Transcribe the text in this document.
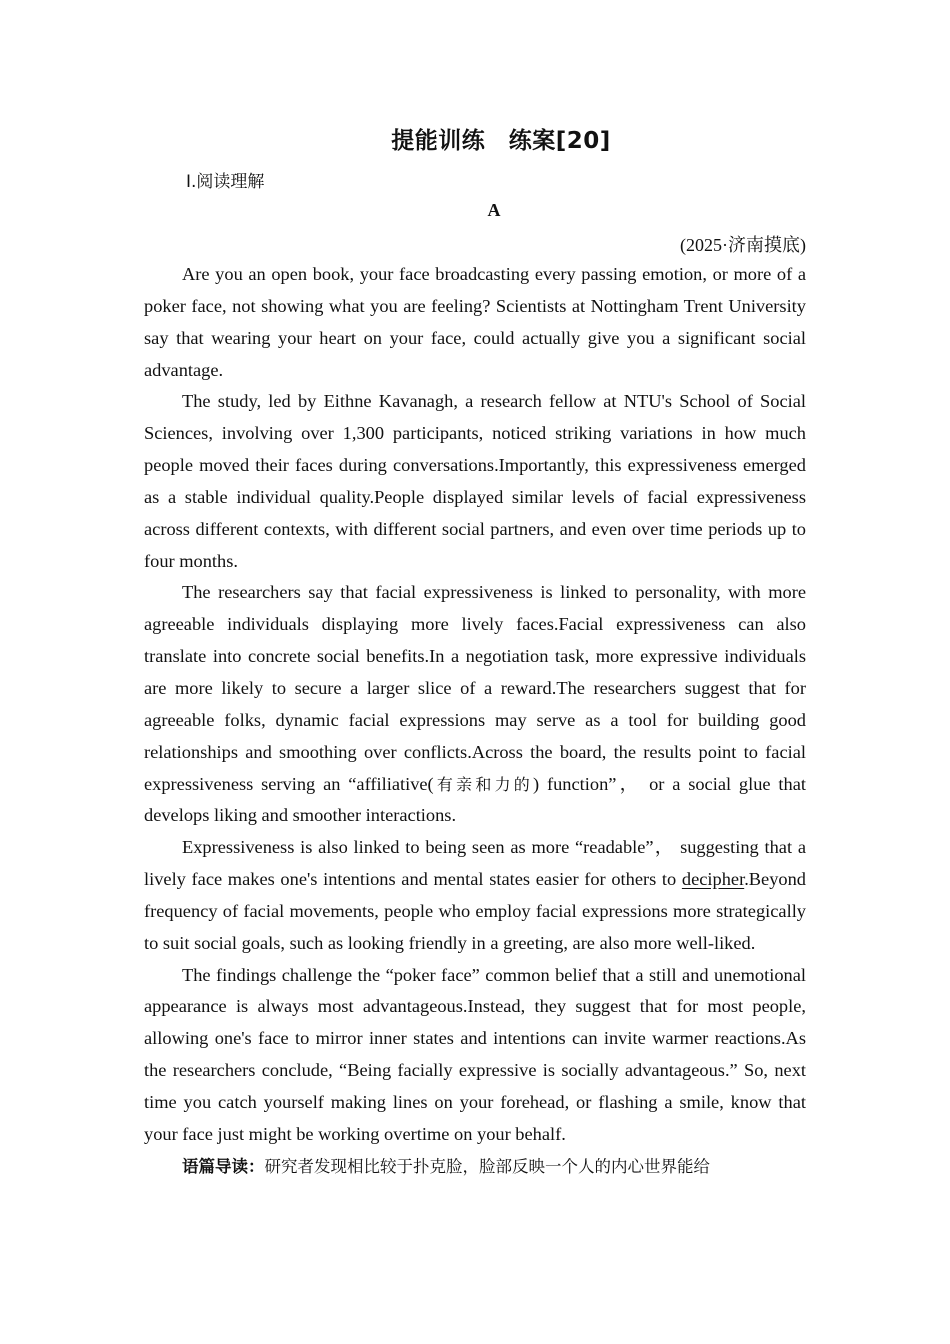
提能训练　练案[20]
Ⅰ.阅读理解
A
(2025·济南摸底)

Are you an open book, your face broadcasting every passing emotion, or more of a poker face, not showing what you are feeling? Scientists at Nottingham Trent University say that wearing your heart on your face, could actually give you a significant social advantage.

The study, led by Eithne Kavanagh, a research fellow at NTU's School of Social Sciences, involving over 1,300 participants, noticed striking variations in how much people moved their faces during conversations.Importantly, this expressiveness emerged as a stable individual quality.People displayed similar levels of facial expressiveness across different contexts, with different social partners, and even over time periods up to four months.

The researchers say that facial expressiveness is linked to personality, with more agreeable individuals displaying more lively faces.Facial expressiveness can also translate into concrete social benefits.In a negotiation task, more expressive individuals are more likely to secure a larger slice of a reward.The researchers suggest that for agreeable folks, dynamic facial expressions may serve as a tool for building good relationships and smoothing over conflicts.Across the board, the results point to facial expressiveness serving an “affiliative(有亲和力的) function”， or a social glue that develops liking and smoother interactions.

Expressiveness is also linked to being seen as more “readable”， suggesting that a lively face makes one's intentions and mental states easier for others to decipher.Beyond frequency of facial movements, people who employ facial expressions more strategically to suit social goals, such as looking friendly in a greeting, are also more well-liked.

The findings challenge the “poker face” common belief that a still and unemotional appearance is always most advantageous.Instead, they suggest that for most people, allowing one's face to mirror inner states and intentions can invite warmer reactions.As the researchers conclude, “Being facially expressive is socially advantageous.” So, next time you catch yourself making lines on your forehead, or flashing a smile, know that your face just might be working overtime on your behalf.

语篇导读：研究者发现相比较于扑克脸，脸部反映一个人的内心世界能给
